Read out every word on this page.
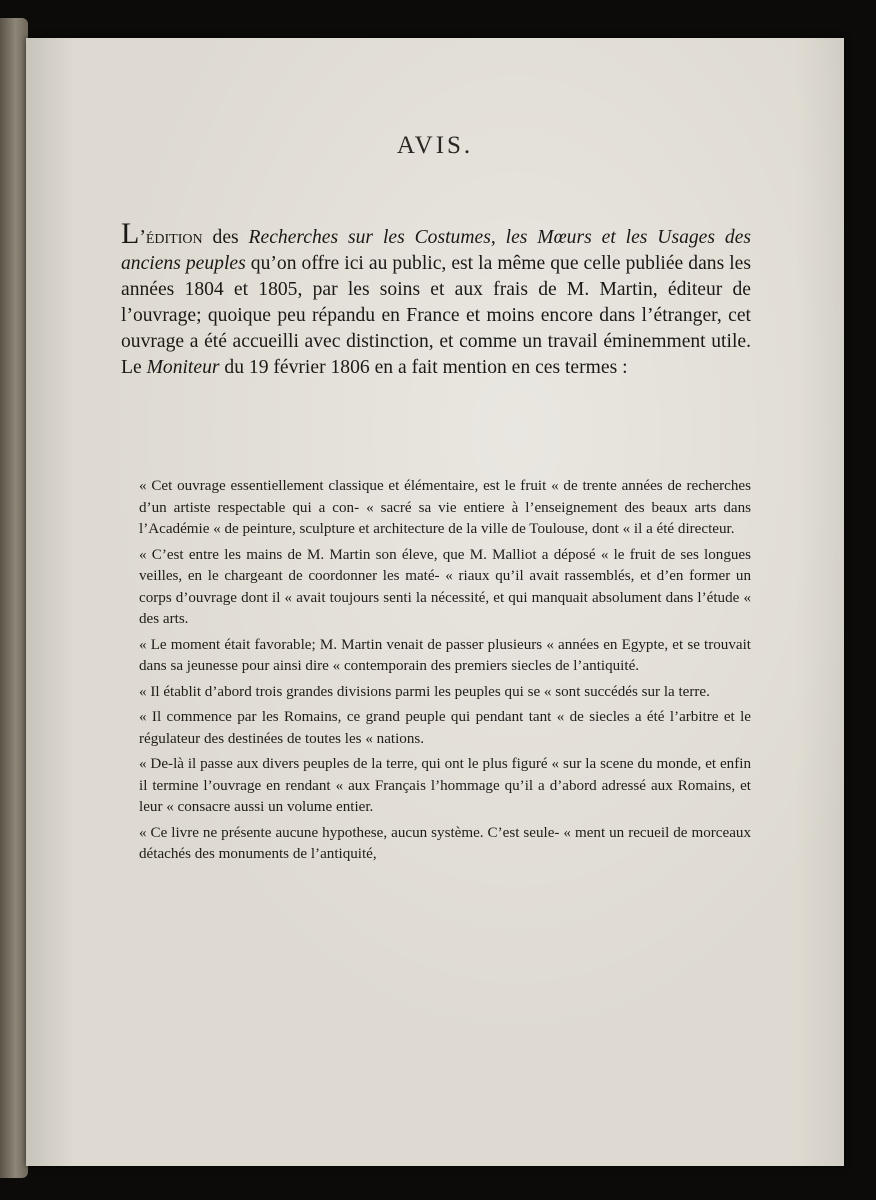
AVIS.
L’édition des Recherches sur les Costumes, les Mœurs et les Usages des anciens peuples qu’on offre ici au public, est la même que celle publiée dans les années 1804 et 1805, par les soins et aux frais de M. Martin, éditeur de l’ouvrage; quoique peu répandu en France et moins encore dans l’étranger, cet ouvrage a été accueilli avec distinction, et comme un travail éminemment utile. Le Moniteur du 19 février 1806 en a fait mention en ces termes :

« Cet ouvrage essentiellement classique et élémentaire, est le fruit « de trente années de recherches d’un artiste respectable qui a con- « sacré sa vie entiere à l’enseignement des beaux arts dans l’Académie « de peinture, sculpture et architecture de la ville de Toulouse, dont « il a été directeur.

« C’est entre les mains de M. Martin son éleve, que M. Malliot a déposé « le fruit de ses longues veilles, en le chargeant de coordonner les maté- « riaux qu’il avait rassemblés, et d’en former un corps d’ouvrage dont il « avait toujours senti la nécessité, et qui manquait absolument dans l’étude « des arts.

« Le moment était favorable; M. Martin venait de passer plusieurs « années en Egypte, et se trouvait dans sa jeunesse pour ainsi dire « contemporain des premiers siecles de l’antiquité.

« Il établit d’abord trois grandes divisions parmi les peuples qui se « sont succédés sur la terre.

« Il commence par les Romains, ce grand peuple qui pendant tant « de siecles a été l’arbitre et le régulateur des destinées de toutes les « nations.

« De-là il passe aux divers peuples de la terre, qui ont le plus figuré « sur la scene du monde, et enfin il termine l’ouvrage en rendant « aux Français l’hommage qu’il a d’abord adressé aux Romains, et leur « consacre aussi un volume entier.

« Ce livre ne présente aucune hypothese, aucun système. C’est seule- « ment un recueil de morceaux détachés des monuments de l’antiquité,
